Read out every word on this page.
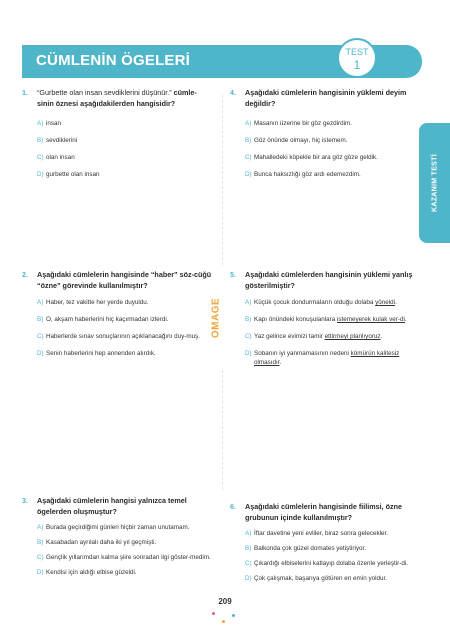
CÜMLENİN ÖGELERİ	TEST
1
KAZANIM TESTİ
OMAGE
1. “Gurbette olan insan sevdiklerini düşünür.” cümle-sinin öznesi aşağıdakilerden hangisidir?
A) insan
B) sevdiklerini
C) olan insan
D) gurbette olan insan
4. Aşağıdaki cümlelerin hangisinin yüklemi deyim değildir?
A) Masanın üzerine bir göz gezdirdim.
B) Göz önünde olmayı, hiç istemem.
C) Mahalledeki köpekle bir ara göz göze geldik.
D) Bunca haksızlığı göz ardı edemezdim.
2. Aşağıdaki cümlelerin hangisinde “haber” söz-cüğü “özne” görevinde kullanılmıştır?
A) Haber, tez vakitte her yerde duyuldu.
B) O, akşam haberlerini hiç kaçırmadan izlerdi.
C) Haberlerde sınav sonuçlarının açıklanacağını duy-muş.
D) Senin haberlerini hep annenden alırdık.
5. Aşağıdaki cümlelerden hangisinin yüklemi yanlış gösterilmiştir?
A) Küçük çocuk dondurmaların olduğu dolaba yöneldi.
B) Kapı önündeki konuşulanlara istemeyerek kulak ver-di.
C) Yaz gelince evimizi tamir ettirmeyi planlıyoruz.
D) Sobanın iyi yanmamasının nedeni kömürün kalitesiz olmasıdır.
3. Aşağıdaki cümlelerin hangisi yalnızca temel ögelerden oluşmuştur?
A) Burada geçirdiğimi günleri hiçbir zaman unutamam.
B) Kasabadan ayrılalı daha iki yıl geçmişti.
C) Gençlik yıllarımdan kalma şiire sonradan ilgi göster-medim.
D) Kendisi için aldığı elbise güzeldi.
6. Aşağıdaki cümlelerin hangisinde fiilimsi, özne grubunun içinde kullanılmıştır?
A) İftar davetine yeni evliler, biraz sonra gelecekler.
B) Balkonda çok güzel domates yetiştiriyor.
C) Çıkardığı elbiselerini katlayıp dolaba özenle yerleştir-di.
D) Çok çalışmak, başarıya götüren en emin yoldur.
209
